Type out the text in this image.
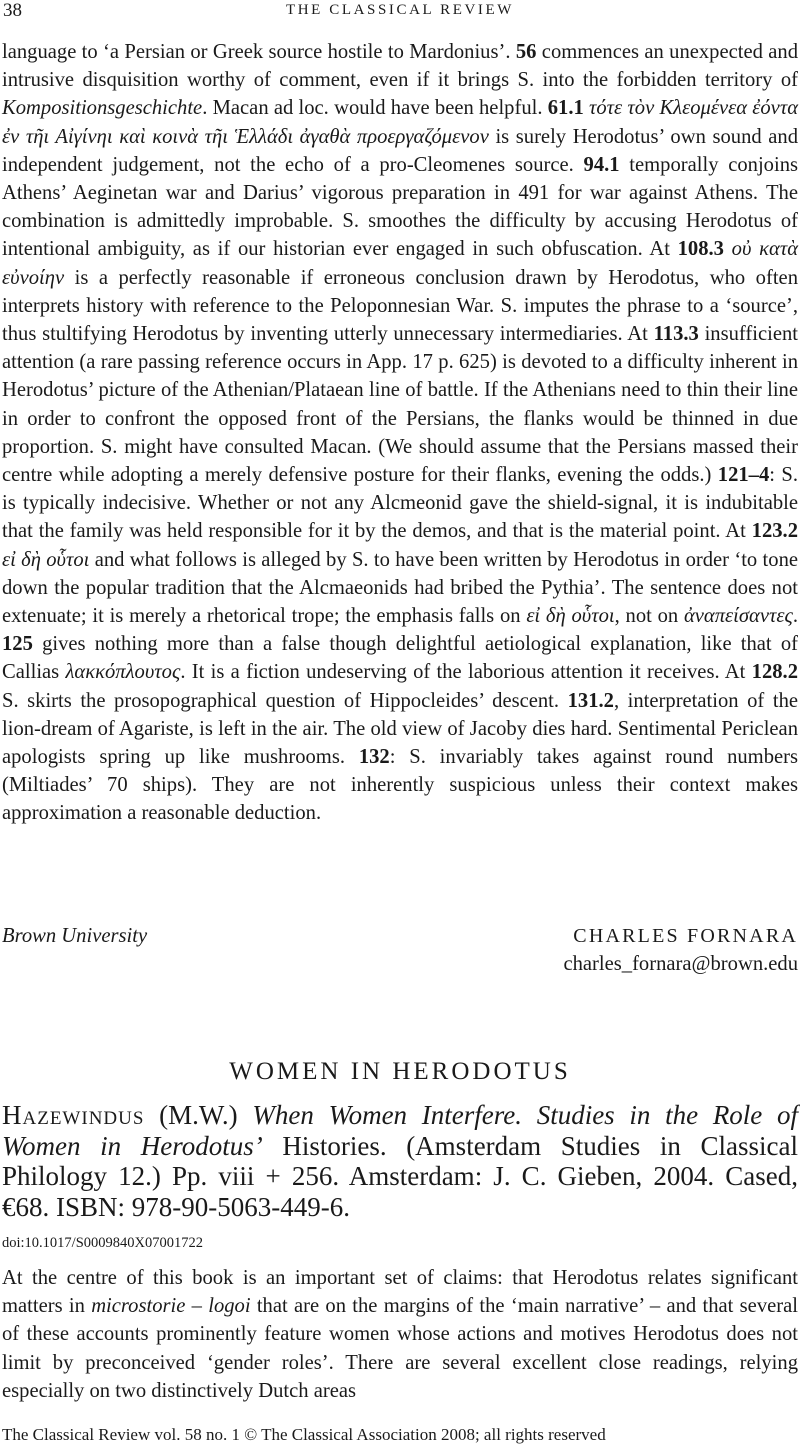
38	THE CLASSICAL REVIEW

language to ‘a Persian or Greek source hostile to Mardonius’. 56 commences an unexpected and intrusive disquisition worthy of comment, even if it brings S. into the forbidden territory of Kompositionsgeschichte. Macan ad loc. would have been helpful. 61.1 τότε τὸν Κλεομένεα ἐόντα ἐν τῆι Αἰγίνηι καὶ κοινὰ τῆι Ἑλλάδι ἀγαθὰ προεργαζόμενον is surely Herodotus’ own sound and independent judgement, not the echo of a pro-Cleomenes source. 94.1 temporally conjoins Athens’ Aeginetan war and Darius’ vigorous preparation in 491 for war against Athens. The combination is admittedly improbable. S. smoothes the difficulty by accusing Herodotus of intentional ambiguity, as if our historian ever engaged in such obfuscation. At 108.3 οὐ κατὰ εὐνοίην is a perfectly reasonable if erroneous conclusion drawn by Herodotus, who often interprets history with reference to the Peloponnesian War. S. imputes the phrase to a ‘source’, thus stultifying Herodotus by inventing utterly unnecessary intermediaries. At 113.3 insufficient attention (a rare passing reference occurs in App. 17 p. 625) is devoted to a difficulty inherent in Herodotus’ picture of the Athenian/Plataean line of battle. If the Athenians need to thin their line in order to confront the opposed front of the Persians, the flanks would be thinned in due proportion. S. might have consulted Macan. (We should assume that the Persians massed their centre while adopting a merely defensive posture for their flanks, evening the odds.) 121–4: S. is typically indecisive. Whether or not any Alcmeonid gave the shield-signal, it is indubitable that the family was held responsible for it by the demos, and that is the material point. At 123.2 εἰ δὴ οὗτοι and what follows is alleged by S. to have been written by Herodotus in order ‘to tone down the popular tradition that the Alcmaeonids had bribed the Pythia’. The sentence does not extenuate; it is merely a rhetorical trope; the emphasis falls on εἰ δὴ οὗτοι, not on ἀναπείσαντες. 125 gives nothing more than a false though delightful aetiological explanation, like that of Callias λακκόπλουτος. It is a fiction undeserving of the laborious attention it receives. At 128.2 S. skirts the prosopographical question of Hippocleides’ descent. 131.2, interpretation of the lion-dream of Agariste, is left in the air. The old view of Jacoby dies hard. Sentimental Periclean apologists spring up like mushrooms. 132: S. invariably takes against round numbers (Miltiades’ 70 ships). They are not inherently suspicious unless their context makes approximation a reasonable deduction.

Brown University	CHARLES FORNARA
charles_fornara@brown.edu
WOMEN IN HERODOTUS
Hazewindus (M.W.) When Women Interfere. Studies in the Role of Women in Herodotus’ Histories. (Amsterdam Studies in Classical Philology 12.) Pp. viii + 256. Amsterdam: J. C. Gieben, 2004. Cased, €68. ISBN: 978-90-5063-449-6.
doi:10.1017/S0009840X07001722
At the centre of this book is an important set of claims: that Herodotus relates significant matters in microstorie – logoi that are on the margins of the ‘main narrative’ – and that several of these accounts prominently feature women whose actions and motives Herodotus does not limit by preconceived ‘gender roles’. There are several excellent close readings, relying especially on two distinctively Dutch areas
The Classical Review vol. 58 no. 1 © The Classical Association 2008; all rights reserved
